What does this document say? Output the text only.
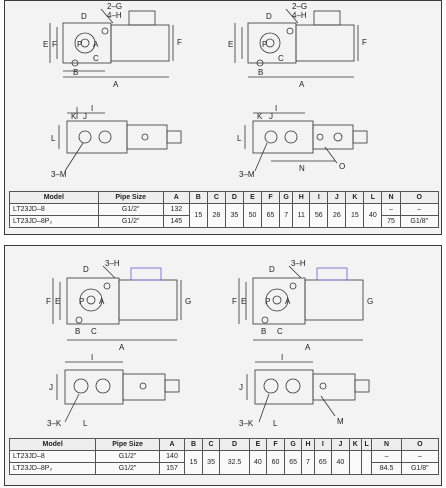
2–G
4–H
2–G
4–H
D	D
E	E
F	F	F
P	P
A
C	C
B	B
A	A
I	I
K J	K J
L	L
3–M	3–M
N	O
Model	Pipe Size	A	B	C	D	E	F	G	H	I	J	K	L	N	O
LT23JD–8	G1/2"	132	15	28	35	50	65	7	11	56	26	15	40	–	–
LT23JD–8P₂	G1/2"	145												75	G1/8"
3–H	3–H
D	D
F E	F E
G	G
P	P
A	A
B C	B C
A	A
I	I
J	J
3–K	3–K
L	L	M
Model	Pipe Size	A	B	C	D	E	F	G	H	I	J	K	L	N	O
LT23JD–8	G1/2"	140	15	35	32.5	40	60	65	7	65	40			–	–
LT23JD–8P₂	G1/2"	157												84.5	G1/8"
